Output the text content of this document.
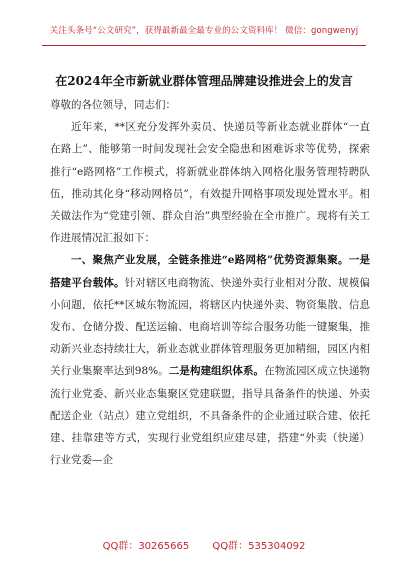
关注头条号“公文研究”，获得最新最全最专业的公文资料库！ 微信：gongwenyj
在2024年全市新就业群体管理品牌建设推进会上的发言

尊敬的各位领导，同志们：

近年来，**区充分发挥外卖员、快递员等新业态就业群体“一直在路上”、能够第一时间发现社会安全隐患和困难诉求等优势，探索推行“e路网格”工作模式，将新就业群体纳入网格化服务管理特聘队伍，推动其化身“移动网格员”，有效提升网格事项发现处置水平。相关做法作为“党建引领、群众自治”典型经验在全市推广。现将有关工作进展情况汇报如下：

一、聚焦产业发展，全链条推进“e路网格”优势资源集聚。一是搭建平台载体。针对辖区电商物流、快递外卖行业相对分散、规模偏小问题，依托**区城东物流园，将辖区内快递外卖、物资集散、信息发布、仓储分拨、配送运输、电商培训等综合服务功能一键聚集，推动新兴业态持续壮大，新业态就业群体管理服务更加精细，园区内相关行业集聚率达到98%。二是构建组织体系。在物流园区成立快递物流行业党委、新兴业态集聚区党建联盟，指导具备条件的快递、外卖配送企业（站点）建立党组织，不具备条件的企业通过联合建、依托建、挂靠建等方式，实现行业党组织应建尽建，搭建“外卖（快递）行业党委—企

QQ群：30265665 QQ群：535304092
